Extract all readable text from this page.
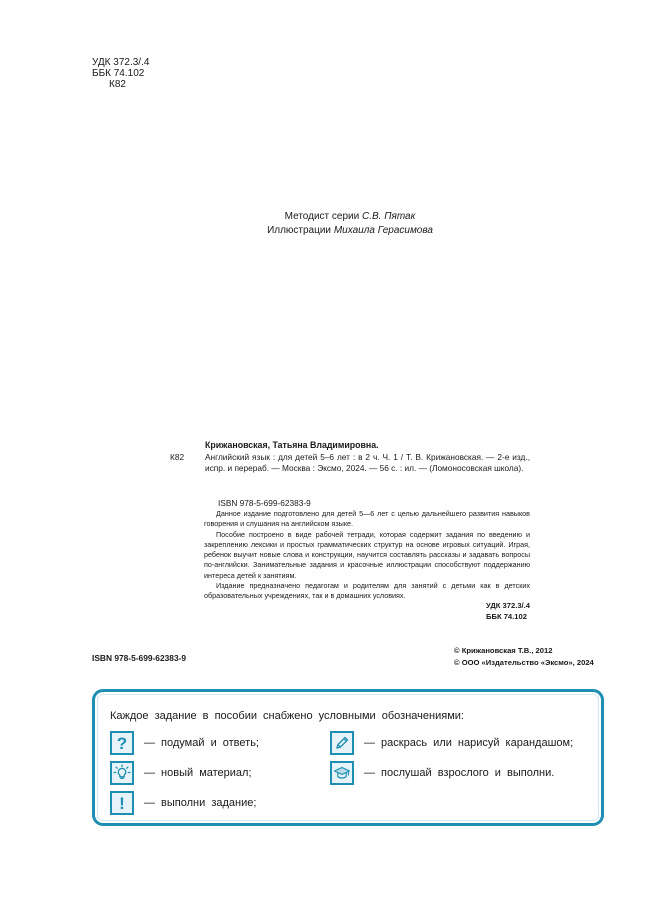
УДК 372.3/.4
ББК 74.102
К82
Методист серии С.В. Пятак
Иллюстрации Михаила Герасимова
К82
Крижановская, Татьяна Владимировна.
Английский язык : для детей 5–6 лет : в 2 ч. Ч. 1 / Т. В. Крижановская. — 2-е изд., испр. и перераб. — Москва : Эксмо, 2024. — 56 с. : ил. — (Ломоносовская школа).
ISBN 978-5-699-62383-9

Данное издание подготовлено для детей 5—6 лет с целью дальнейшего развития навыков говорения и слушания на английском языке.

Пособие построено в виде рабочей тетради, которая содержит задания по введению и закреплению лексики и простых грамматических структур на основе игровых ситуаций. Играя, ребенок выучит новые слова и конструкции, научится составлять рассказы и задавать вопросы по-английски. Занимательные задания и красочные иллюстрации способствуют поддержанию интереса детей к занятиям.

Издание предназначено педагогам и родителям для занятий с детьми как в детских образовательных учреждениях, так и в домашних условиях.

УДК 372.3/.4
ББК 74.102
ISBN 978-5-699-62383-9
© Крижановская Т.В., 2012
© ООО «Издательство «Эксмо», 2024
Каждое задание в пособии снабжено условными обозначениями:
? — подумай и ответь;	— раскрась или нарисуй карандашом;
— новый материал;	— послушай взрослого и выполни.
! — выполни задание;
